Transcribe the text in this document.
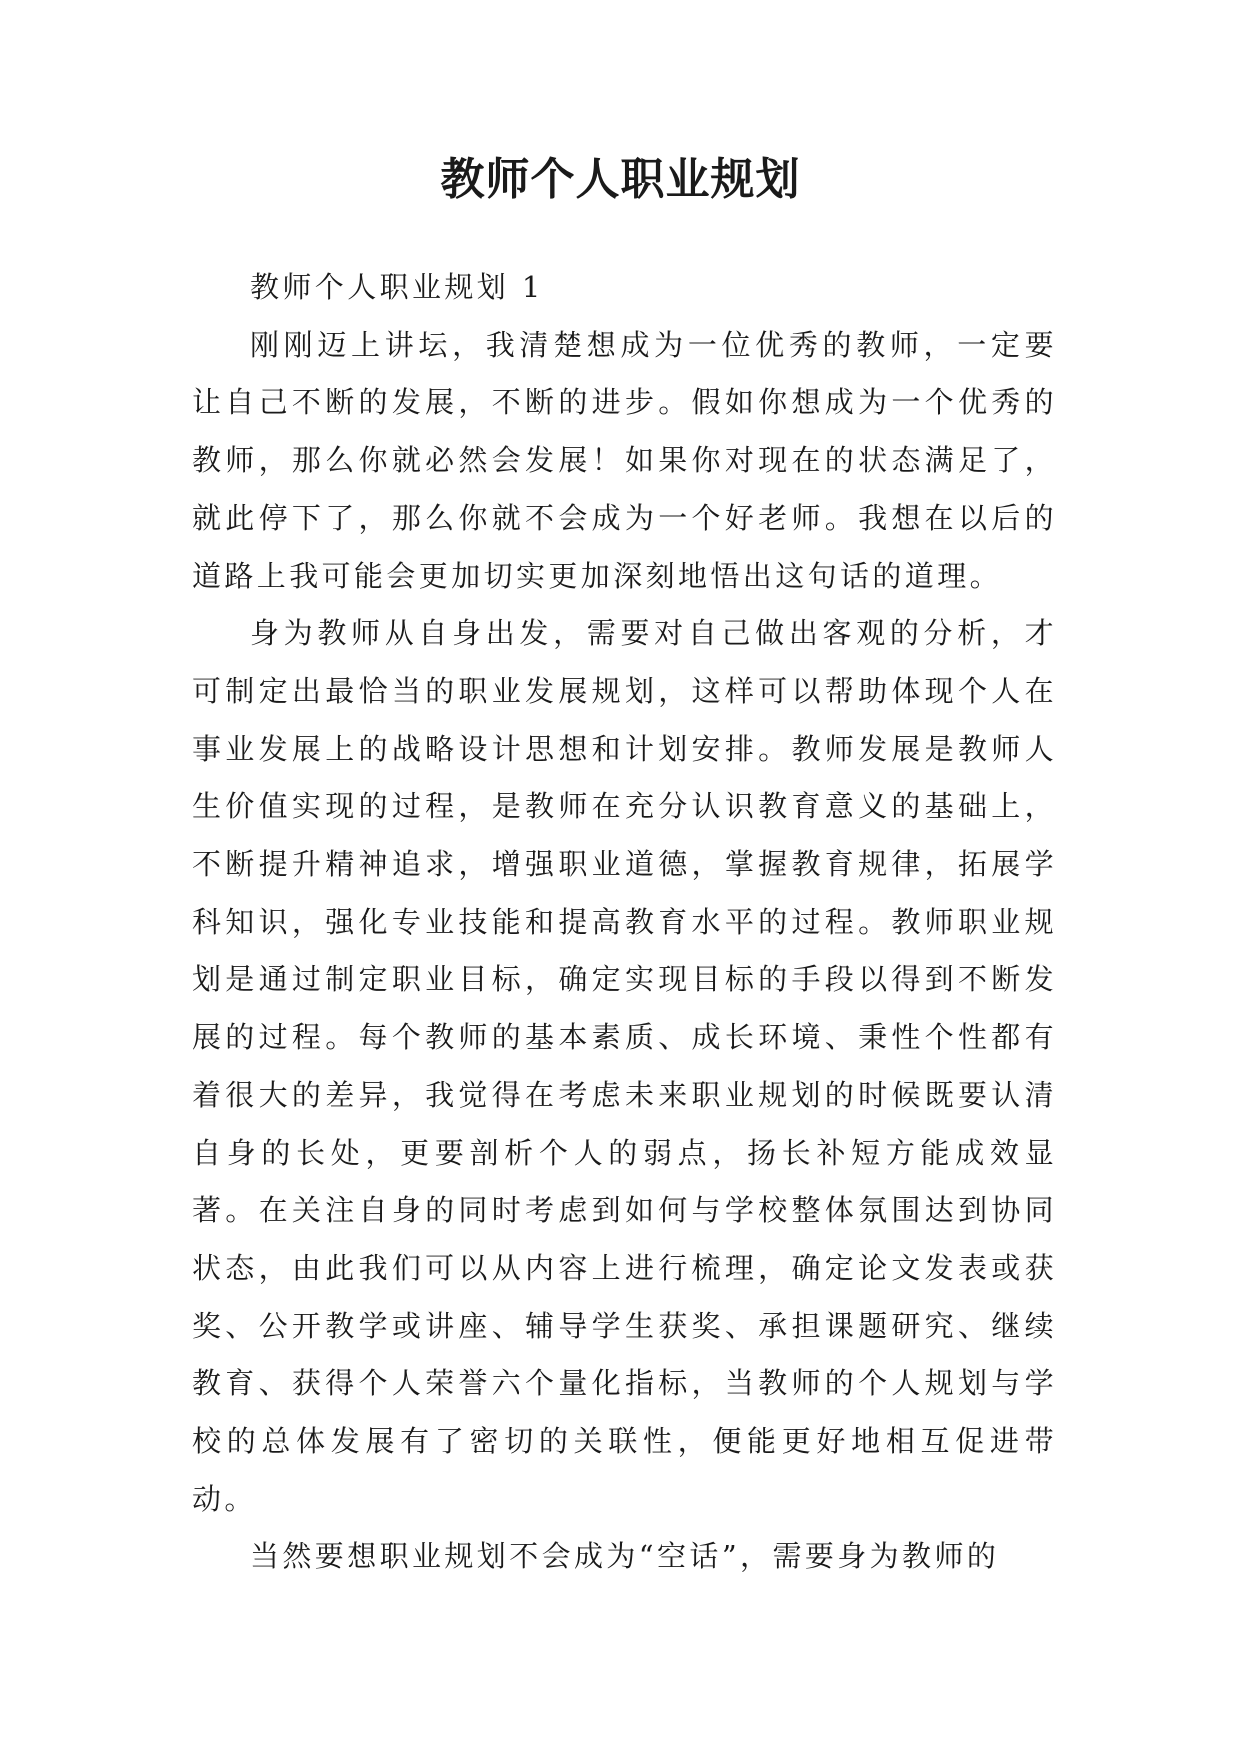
教师个人职业规划

教师个人职业规划 1

刚刚迈上讲坛，我清楚想成为一位优秀的教师，一定要让自己不断的发展，不断的进步。假如你想成为一个优秀的教师，那么你就必然会发展！如果你对现在的状态满足了，就此停下了，那么你就不会成为一个好老师。我想在以后的道路上我可能会更加切实更加深刻地悟出这句话的道理。

身为教师从自身出发，需要对自己做出客观的分析，才可制定出最恰当的职业发展规划，这样可以帮助体现个人在事业发展上的战略设计思想和计划安排。教师发展是教师人生价值实现的过程，是教师在充分认识教育意义的基础上，不断提升精神追求，增强职业道德，掌握教育规律，拓展学科知识，强化专业技能和提高教育水平的过程。教师职业规划是通过制定职业目标，确定实现目标的手段以得到不断发展的过程。每个教师的基本素质、成长环境、秉性个性都有着很大的差异，我觉得在考虑未来职业规划的时候既要认清自身的长处，更要剖析个人的弱点，扬长补短方能成效显著。在关注自身的同时考虑到如何与学校整体氛围达到协同状态，由此我们可以从内容上进行梳理，确定论文发表或获奖、公开教学或讲座、辅导学生获奖、承担课题研究、继续教育、获得个人荣誉六个量化指标，当教师的个人规划与学校的总体发展有了密切的关联性，便能更好地相互促进带动。

当然要想职业规划不会成为“空话”，需要身为教师的
